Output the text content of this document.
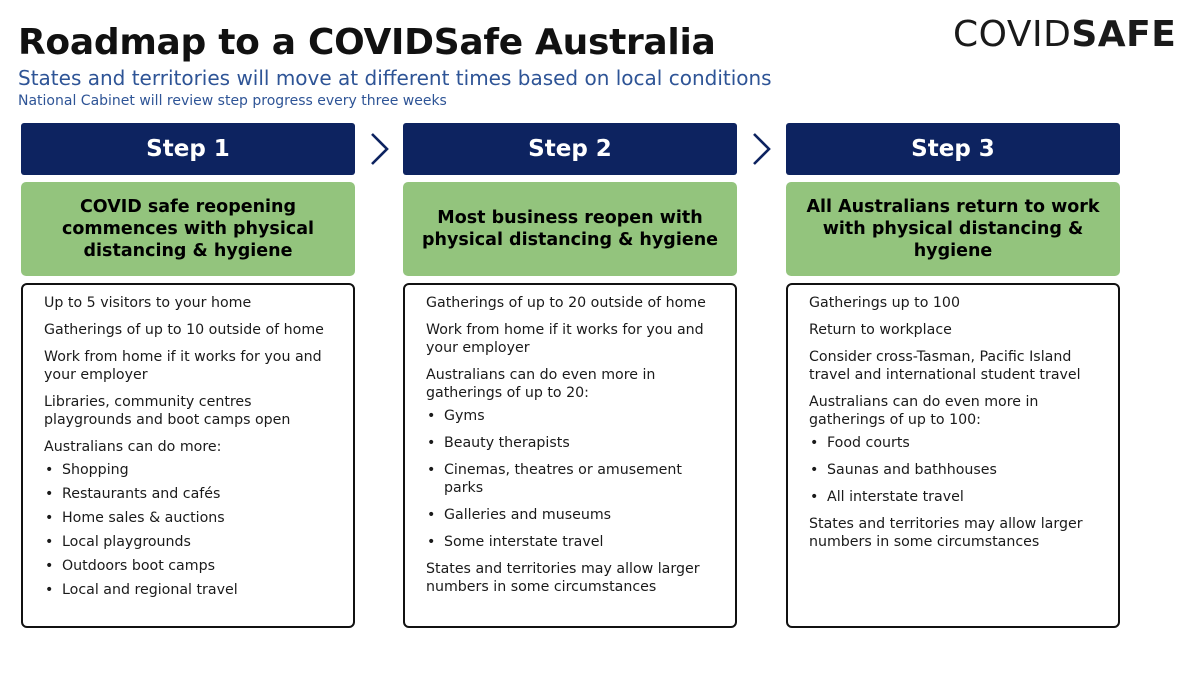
Roadmap to a COVIDSafe Australia	COVIDSAFE
States and territories will move at different times based on local conditions
National Cabinet will review step progress every three weeks
Step 1
COVID safe reopening commences with physical distancing & hygiene

Up to 5 visitors to your home

Gatherings of up to 10 outside of home

Work from home if it works for you and your employer

Libraries, community centres playgrounds and boot camps open

Australians can do more:

• Shopping
• Restaurants and cafés
• Home sales & auctions
• Local playgrounds
• Outdoors boot camps
• Local and regional travel
Step 2
Most business reopen with physical distancing & hygiene

Gatherings of up to 20 outside of home

Work from home if it works for you and your employer

Australians can do even more in gatherings of up to 20:

• Gyms
• Beauty therapists
• Cinemas, theatres or amusement parks
• Galleries and museums
• Some interstate travel

States and territories may allow larger numbers in some circumstances

Step 3
All Australians return to work with physical distancing & hygiene

Gatherings up to 100

Return to workplace

Consider cross-Tasman, Pacific Island travel and international student travel

Australians can do even more in gatherings of up to 100:

• Food courts
• Saunas and bathhouses
• All interstate travel

States and territories may allow larger numbers in some circumstances
